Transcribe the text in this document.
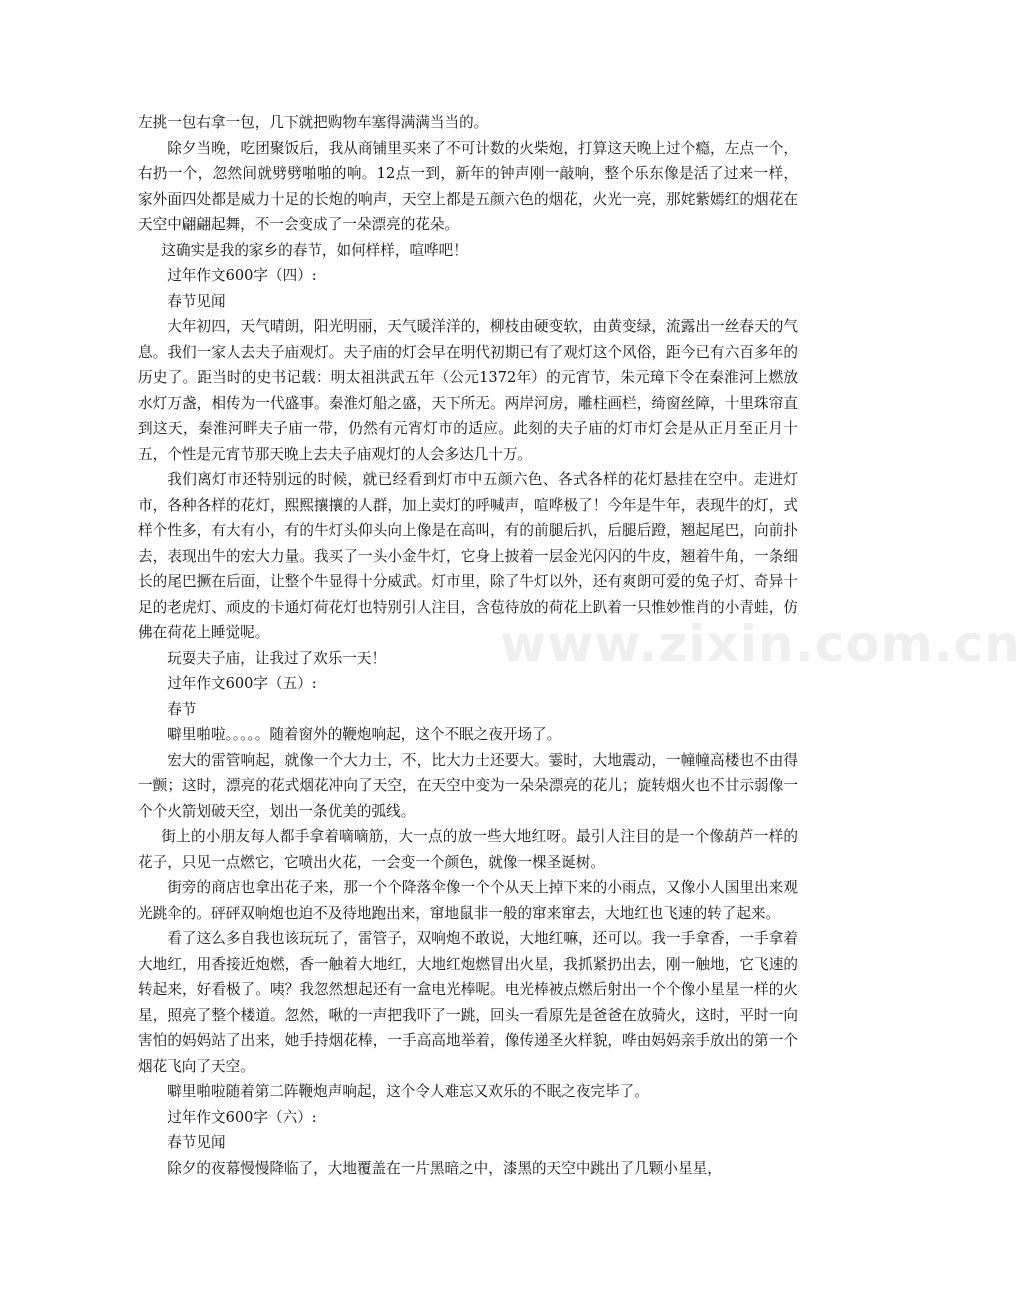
左挑一包右拿一包，几下就把购物车塞得满满当当的。

除夕当晚，吃团聚饭后，我从商铺里买来了不可计数的火柴炮，打算这天晚上过个瘾，左点一个，右扔一个，忽然间就劈劈啪啪的响。12点一到，新年的钟声刚一敲响，整个乐东像是活了过来一样，家外面四处都是威力十足的长炮的响声，天空上都是五颜六色的烟花，火光一亮，那姹紫嫣红的烟花在天空中翩翩起舞，不一会变成了一朵漂亮的花朵。

这确实是我的家乡的春节，如何样样，喧哗吧！

过年作文600字（四）:

春节见闻

大年初四，天气晴朗，阳光明丽，天气暖洋洋的，柳枝由硬变软，由黄变绿，流露出一丝春天的气息。我们一家人去夫子庙观灯。夫子庙的灯会早在明代初期已有了观灯这个风俗，距今已有六百多年的历史了。距当时的史书记载：明太祖洪武五年（公元1372年）的元宵节，朱元璋下令在秦淮河上燃放水灯万盏，相传为一代盛事。秦淮灯船之盛，天下所无。两岸河房，雕柱画栏，绮窗丝障，十里珠帘直到这天，秦淮河畔夫子庙一带，仍然有元宵灯市的适应。此刻的夫子庙的灯市灯会是从正月至正月十五，个性是元宵节那天晚上去夫子庙观灯的人会多达几十万。

我们离灯市还特别远的时候，就已经看到灯市中五颜六色、各式各样的花灯悬挂在空中。走进灯市，各种各样的花灯，熙熙攘攘的人群，加上卖灯的呼喊声，喧哗极了！今年是牛年，表现牛的灯，式样个性多，有大有小，有的牛灯头仰头向上像是在高叫，有的前腿后扒，后腿后蹬，翘起尾巴，向前扑去，表现出牛的宏大力量。我买了一头小金牛灯，它身上披着一层金光闪闪的牛皮，翘着牛角，一条细长的尾巴撅在后面，让整个牛显得十分威武。灯市里，除了牛灯以外，还有爽朗可爱的兔子灯、奇异十足的老虎灯、顽皮的卡通灯荷花灯也特别引人注目，含苞待放的荷花上趴着一只惟妙惟肖的小青蛙，仿佛在荷花上睡觉呢。

玩耍夫子庙，让我过了欢乐一天！

过年作文600字（五）:

春节

噼里啪啦。。。。。随着窗外的鞭炮响起，这个不眠之夜开场了。

宏大的雷管响起，就像一个大力士，不，比大力士还要大。霎时，大地震动，一幢幢高楼也不由得一颤；这时，漂亮的花式烟花冲向了天空，在天空中变为一朵朵漂亮的花儿；旋转烟火也不甘示弱像一个个火箭划破天空，划出一条优美的弧线。

街上的小朋友每人都手拿着嘀嘀筋，大一点的放一些大地红呀。最引人注目的是一个像葫芦一样的花子，只见一点燃它，它喷出火花，一会变一个颜色，就像一棵圣诞树。

街旁的商店也拿出花子来，那一个个降落伞像一个个从天上掉下来的小雨点，又像小人国里出来观光跳伞的。砰砰双响炮也迫不及待地跑出来，窜地鼠非一般的窜来窜去，大地红也飞速的转了起来。

看了这么多自我也该玩玩了，雷管子，双响炮不敢说，大地红嘛，还可以。我一手拿香，一手拿着大地红，用香接近炮燃，香一触着大地红，大地红炮燃冒出火星，我抓紧扔出去，刚一触地，它飞速的转起来，好看极了。咦？我忽然想起还有一盒电光棒呢。电光棒被点燃后射出一个个像小星星一样的火星，照亮了整个楼道。忽然，啾的一声把我吓了一跳，回头一看原先是爸爸在放骑火，这时，平时一向害怕的妈妈站了出来，她手持烟花棒，一手高高地举着，像传递圣火样貌，哗由妈妈亲手放出的第一个烟花飞向了天空。

噼里啪啦随着第二阵鞭炮声响起，这个令人难忘又欢乐的不眠之夜完毕了。

过年作文600字（六）:

春节见闻

除夕的夜幕慢慢降临了，大地覆盖在一片黑暗之中，漆黑的天空中跳出了几颗小星星，

www.zixin.com.cn
